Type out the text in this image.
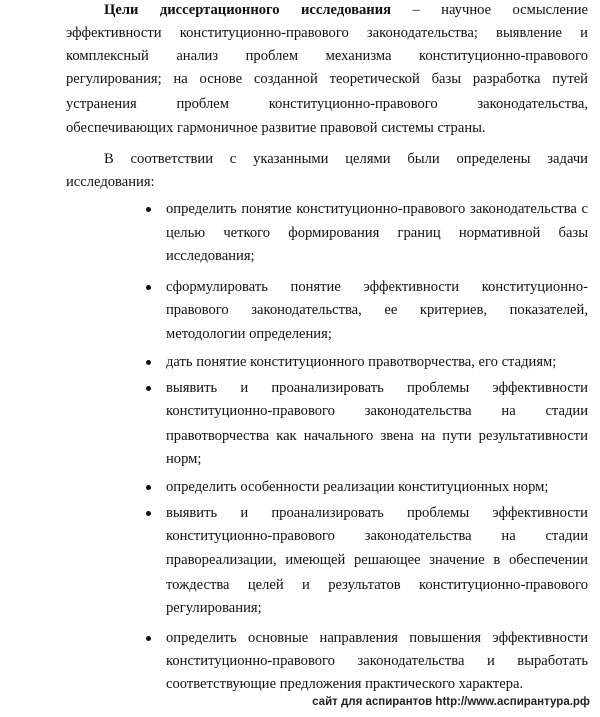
Цели диссертационного исследования – научное осмысление
эффективности конституционно-правового законодательства; выявление и
комплексный анализ проблем механизма конституционно-правового
регулирования; на основе созданной теоретической базы разработка путей
устранения проблем конституционно-правового законодательства,
обеспечивающих гармоничное развитие правовой системы страны.
В соответствии с указанными целями были определены задачи
исследования:
определить понятие конституционно-правового законодательства с
целью четкого формирования границ нормативной базы
исследования;
сформулировать понятие эффективности конституционно-
правового законодательства, ее критериев, показателей,
методологии определения;
дать понятие конституционного правотворчества, его стадиям;
выявить и проанализировать проблемы эффективности
конституционно-правового законодательства на стадии
правотворчества как начального звена на пути результативности
норм;
определить особенности реализации конституционных норм;
выявить и проанализировать проблемы эффективности
конституционно-правового законодательства на стадии
правореализации, имеющей решающее значение в обеспечении
тождества целей и результатов конституционно-правового
регулирования;
определить основные направления повышения эффективности
конституционно-правового законодательства и выработать
соответствующие предложения практического характера.
сайт для аспирантов http://www.аспирантура.рф
